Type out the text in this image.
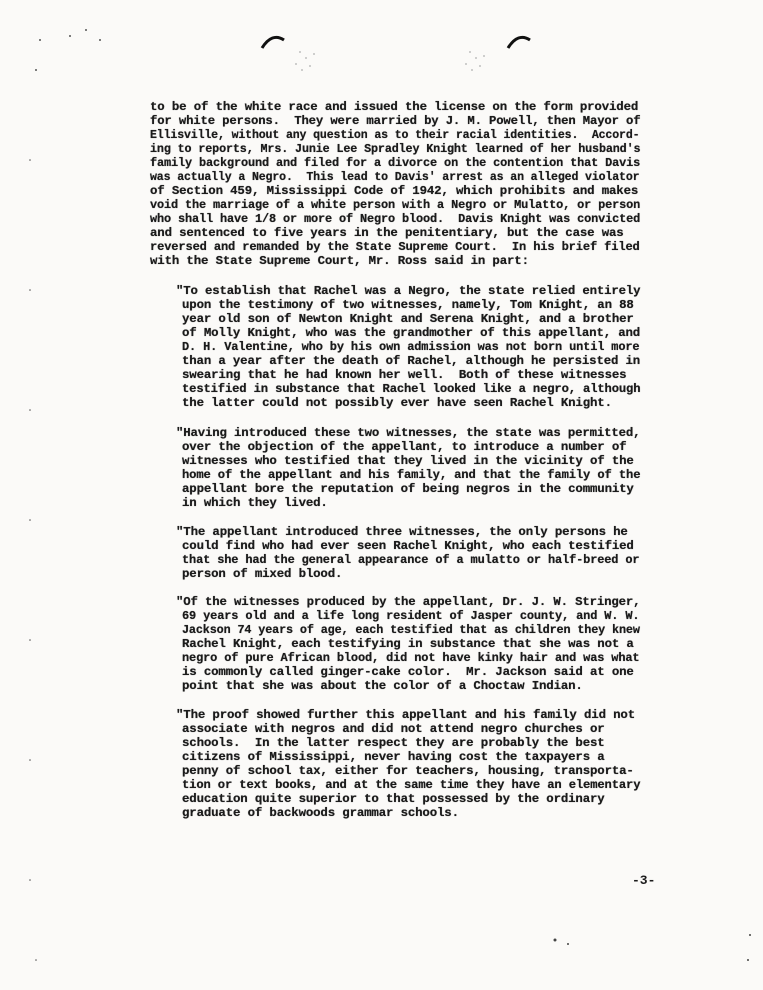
to be of the white race and issued the license on the form provided
for white persons.  They were married by J. M. Powell, then Mayor of
Ellisville, without any question as to their racial identities.  Accord-
ing to reports, Mrs. Junie Lee Spradley Knight learned of her husband's
family background and filed for a divorce on the contention that Davis
was actually a Negro.  This lead to Davis' arrest as an alleged violator
of Section 459, Mississippi Code of 1942, which prohibits and makes
void the marriage of a white person with a Negro or Mulatto, or person
who shall have 1/8 or more of Negro blood.  Davis Knight was convicted
and sentenced to five years in the penitentiary, but the case was
reversed and remanded by the State Supreme Court.  In his brief filed
with the State Supreme Court, Mr. Ross said in part:
"To establish that Rachel was a Negro, the state relied entirely
upon the testimony of two witnesses, namely, Tom Knight, an 88
year old son of Newton Knight and Serena Knight, and a brother
of Molly Knight, who was the grandmother of this appellant, and
D. H. Valentine, who by his own admission was not born until more
than a year after the death of Rachel, although he persisted in
swearing that he had known her well.  Both of these witnesses
testified in substance that Rachel looked like a negro, although
the latter could not possibly ever have seen Rachel Knight.
"Having introduced these two witnesses, the state was permitted,
over the objection of the appellant, to introduce a number of
witnesses who testified that they lived in the vicinity of the
home of the appellant and his family, and that the family of the
appellant bore the reputation of being negros in the community
in which they lived.
"The appellant introduced three witnesses, the only persons he
could find who had ever seen Rachel Knight, who each testified
that she had the general appearance of a mulatto or half-breed or
person of mixed blood.
"Of the witnesses produced by the appellant, Dr. J. W. Stringer,
69 years old and a life long resident of Jasper county, and W. W.
Jackson 74 years of age, each testified that as children they knew
Rachel Knight, each testifying in substance that she was not a
negro of pure African blood, did not have kinky hair and was what
is commonly called ginger-cake color.  Mr. Jackson said at one
point that she was about the color of a Choctaw Indian.
"The proof showed further this appellant and his family did not
associate with negros and did not attend negro churches or
schools.  In the latter respect they are probably the best
citizens of Mississippi, never having cost the taxpayers a
penny of school tax, either for teachers, housing, transporta-
tion or text books, and at the same time they have an elementary
education quite superior to that possessed by the ordinary
graduate of backwoods grammar schools.
-3-
